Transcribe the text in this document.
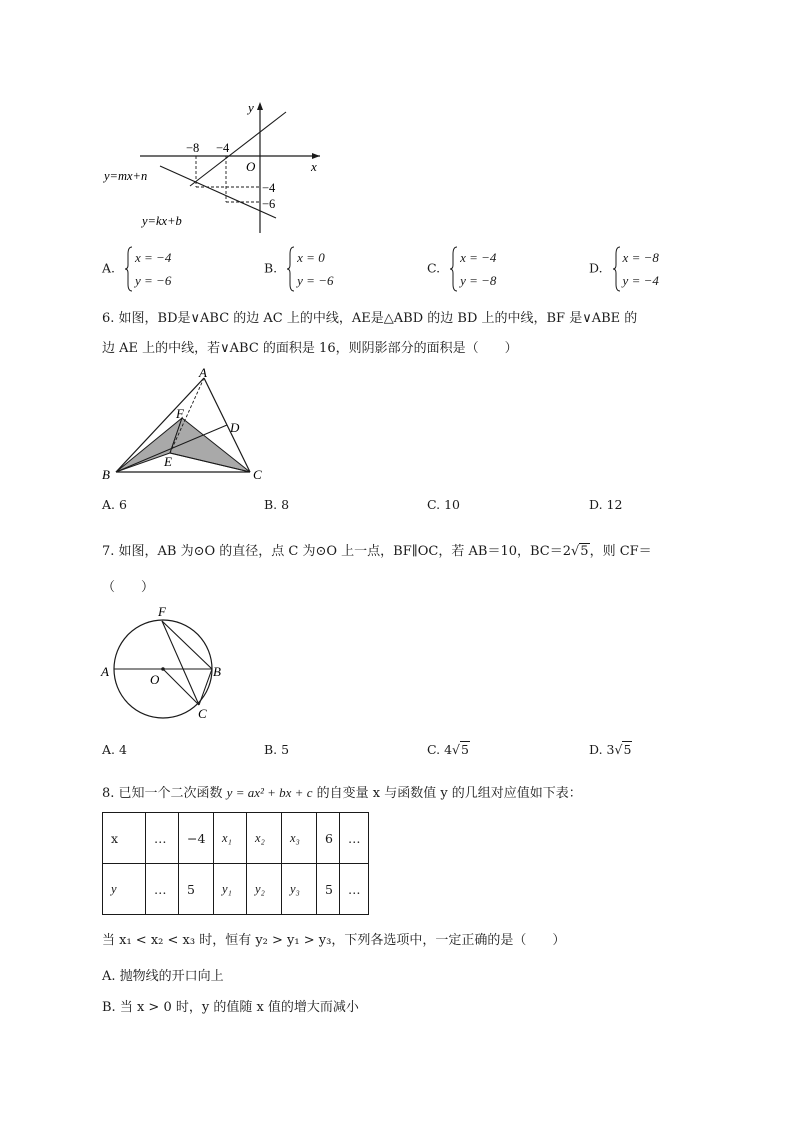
x
y
O
−8 −4
−4
−6
y=mx+n
y=kx+b
A.
x = −4
y = −6
B.
x = 0
y = −6
C.
x = −4
y = −8
D.
x = −8
y = −4
6. 如图，BD是∨ABC 的边 AC 上的中线，AE是△ABD 的边 BD 上的中线，BF 是∨ABE 的
边 AE 上的中线，若∨ABC 的面积是 16，则阴影部分的面积是（　　）
A
B	C
D
E
F
A. 6	B. 8	C. 10	D. 12
7. 如图，AB 为⊙O 的直径，点 C 为⊙O 上一点，BF∥OC，若 AB＝10，BC＝2√5，则 CF＝
（　　）
A	B
C
F
O
A. 4	B. 5	C. 4√5	D. 3√5
8. 已知一个二次函数 y = ax² + bx + c 的自变量 x 与函数值 y 的几组对应值如下表：
x	…	−4	x₁	x₂	x₃	6	…
y	…	5	y₁	y₂	y₃	5	…
当 x₁ < x₂ < x₃ 时，恒有 y₂ > y₁ > y₃，下列各选项中，一定正确的是（　　）
A. 抛物线的开口向上
B. 当 x > 0 时，y 的值随 x 值的增大而减小
